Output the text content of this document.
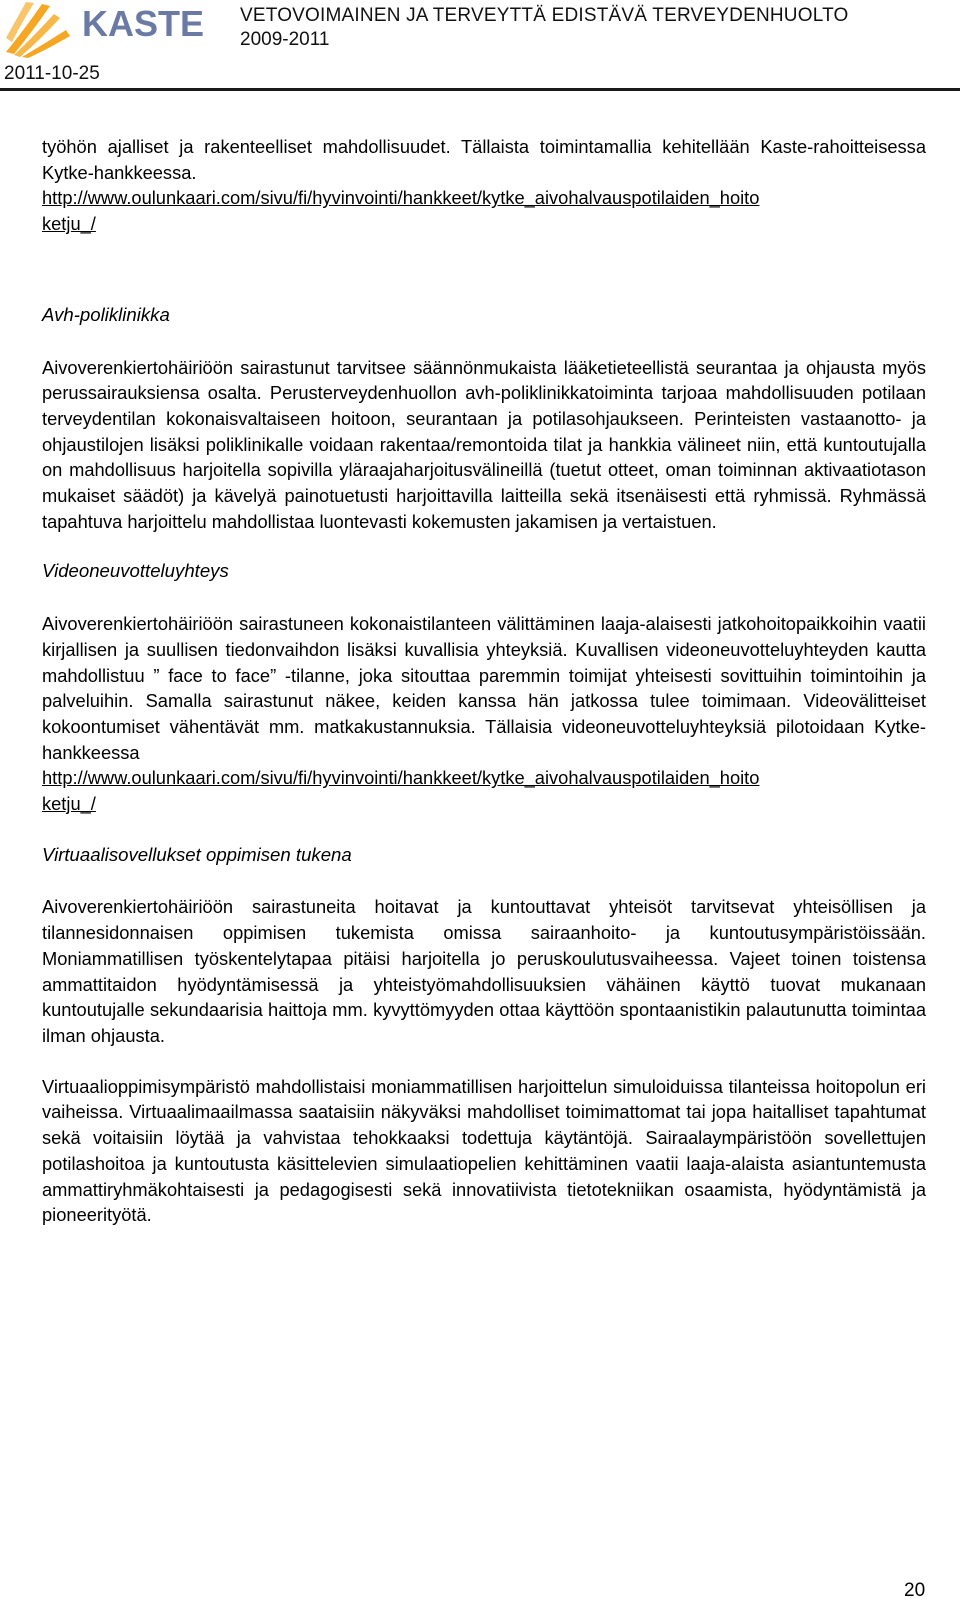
KASTE VETOVOIMAINEN JA TERVEYTTÄ EDISTÄVÄ TERVEYDENHUOLTO
2009-2011
2011-10-25

työhön ajalliset ja rakenteelliset mahdollisuudet. Tällaista toimintamallia kehitellään Kaste-rahoitteisessa Kytke-hankkeessa.
http://www.oulunkaari.com/sivu/fi/hyvinvointi/hankkeet/kytke_aivohalvauspotilaiden_hoito
ketju_/

Avh-poliklinikka

Aivoverenkiertohäiriöön sairastunut tarvitsee säännönmukaista lääketieteellistä seurantaa ja ohjausta myös perussairauksiensa osalta. Perusterveydenhuollon avh-poliklinikkatoiminta tarjoaa mahdollisuuden potilaan terveydentilan kokonaisvaltaiseen hoitoon, seurantaan ja potilasohjaukseen. Perinteisten vastaanotto- ja ohjaustilojen lisäksi poliklinikalle voidaan rakentaa/remontoida tilat ja hankkia välineet niin, että kuntoutujalla on mahdollisuus harjoitella sopivilla yläraajaharjoitusvälineillä (tuetut otteet, oman toiminnan aktivaatiotason mukaiset säädöt) ja kävelyä painotuetusti harjoittavilla laitteilla sekä itsenäisesti että ryhmissä. Ryhmässä tapahtuva harjoittelu mahdollistaa luontevasti kokemusten jakamisen ja vertaistuen.

Videoneuvotteluyhteys

Aivoverenkiertohäiriöön sairastuneen kokonaistilanteen välittäminen laaja-alaisesti jatkohoitopaikkoihin vaatii kirjallisen ja suullisen tiedonvaihdon lisäksi kuvallisia yhteyksiä. Kuvallisen videoneuvotteluyhteyden kautta mahdollistuu ” face to face” -tilanne, joka sitouttaa paremmin toimijat yhteisesti sovittuihin toimintoihin ja palveluihin. Samalla sairastunut näkee, keiden kanssa hän jatkossa tulee toimimaan. Videovälitteiset kokoontumiset vähentävät mm. matkakustannuksia. Tällaisia videoneuvotteluyhteyksiä pilotoidaan Kytke-hankkeessa
http://www.oulunkaari.com/sivu/fi/hyvinvointi/hankkeet/kytke_aivohalvauspotilaiden_hoito
ketju_/

Virtuaalisovellukset oppimisen tukena

Aivoverenkiertohäiriöön sairastuneita hoitavat ja kuntouttavat yhteisöt tarvitsevat yhteisöllisen ja tilannesidonnaisen oppimisen tukemista omissa sairaanhoito- ja kuntoutusympäristöissään. Moniammatillisen työskentelytapaa pitäisi harjoitella jo peruskoulutusvaiheessa. Vajeet toinen toistensa ammattitaidon hyödyntämisessä ja yhteistyömahdollisuuksien vähäinen käyttö tuovat mukanaan kuntoutujalle sekundaarisia haittoja mm. kyvyttömyyden ottaa käyttöön spontaanistikin palautunutta toimintaa ilman ohjausta.

Virtuaalioppimisympäristö mahdollistaisi moniammatillisen harjoittelun simuloiduissa tilanteissa hoitopolun eri vaiheissa. Virtuaalimaailmassa saataisiin näkyväksi mahdolliset toimimattomat tai jopa haitalliset tapahtumat sekä voitaisiin löytää ja vahvistaa tehokkaaksi todettuja käytäntöjä. Sairaalaympäristöön sovellettujen potilashoitoa ja kuntoutusta käsittelevien simulaatiopelien kehittäminen vaatii laaja-alaista asiantuntemusta ammattiryhmäkohtaisesti ja pedagogisesti sekä innovatiivista tietotekniikan osaamista, hyödyntämistä ja pioneerityötä.

20
